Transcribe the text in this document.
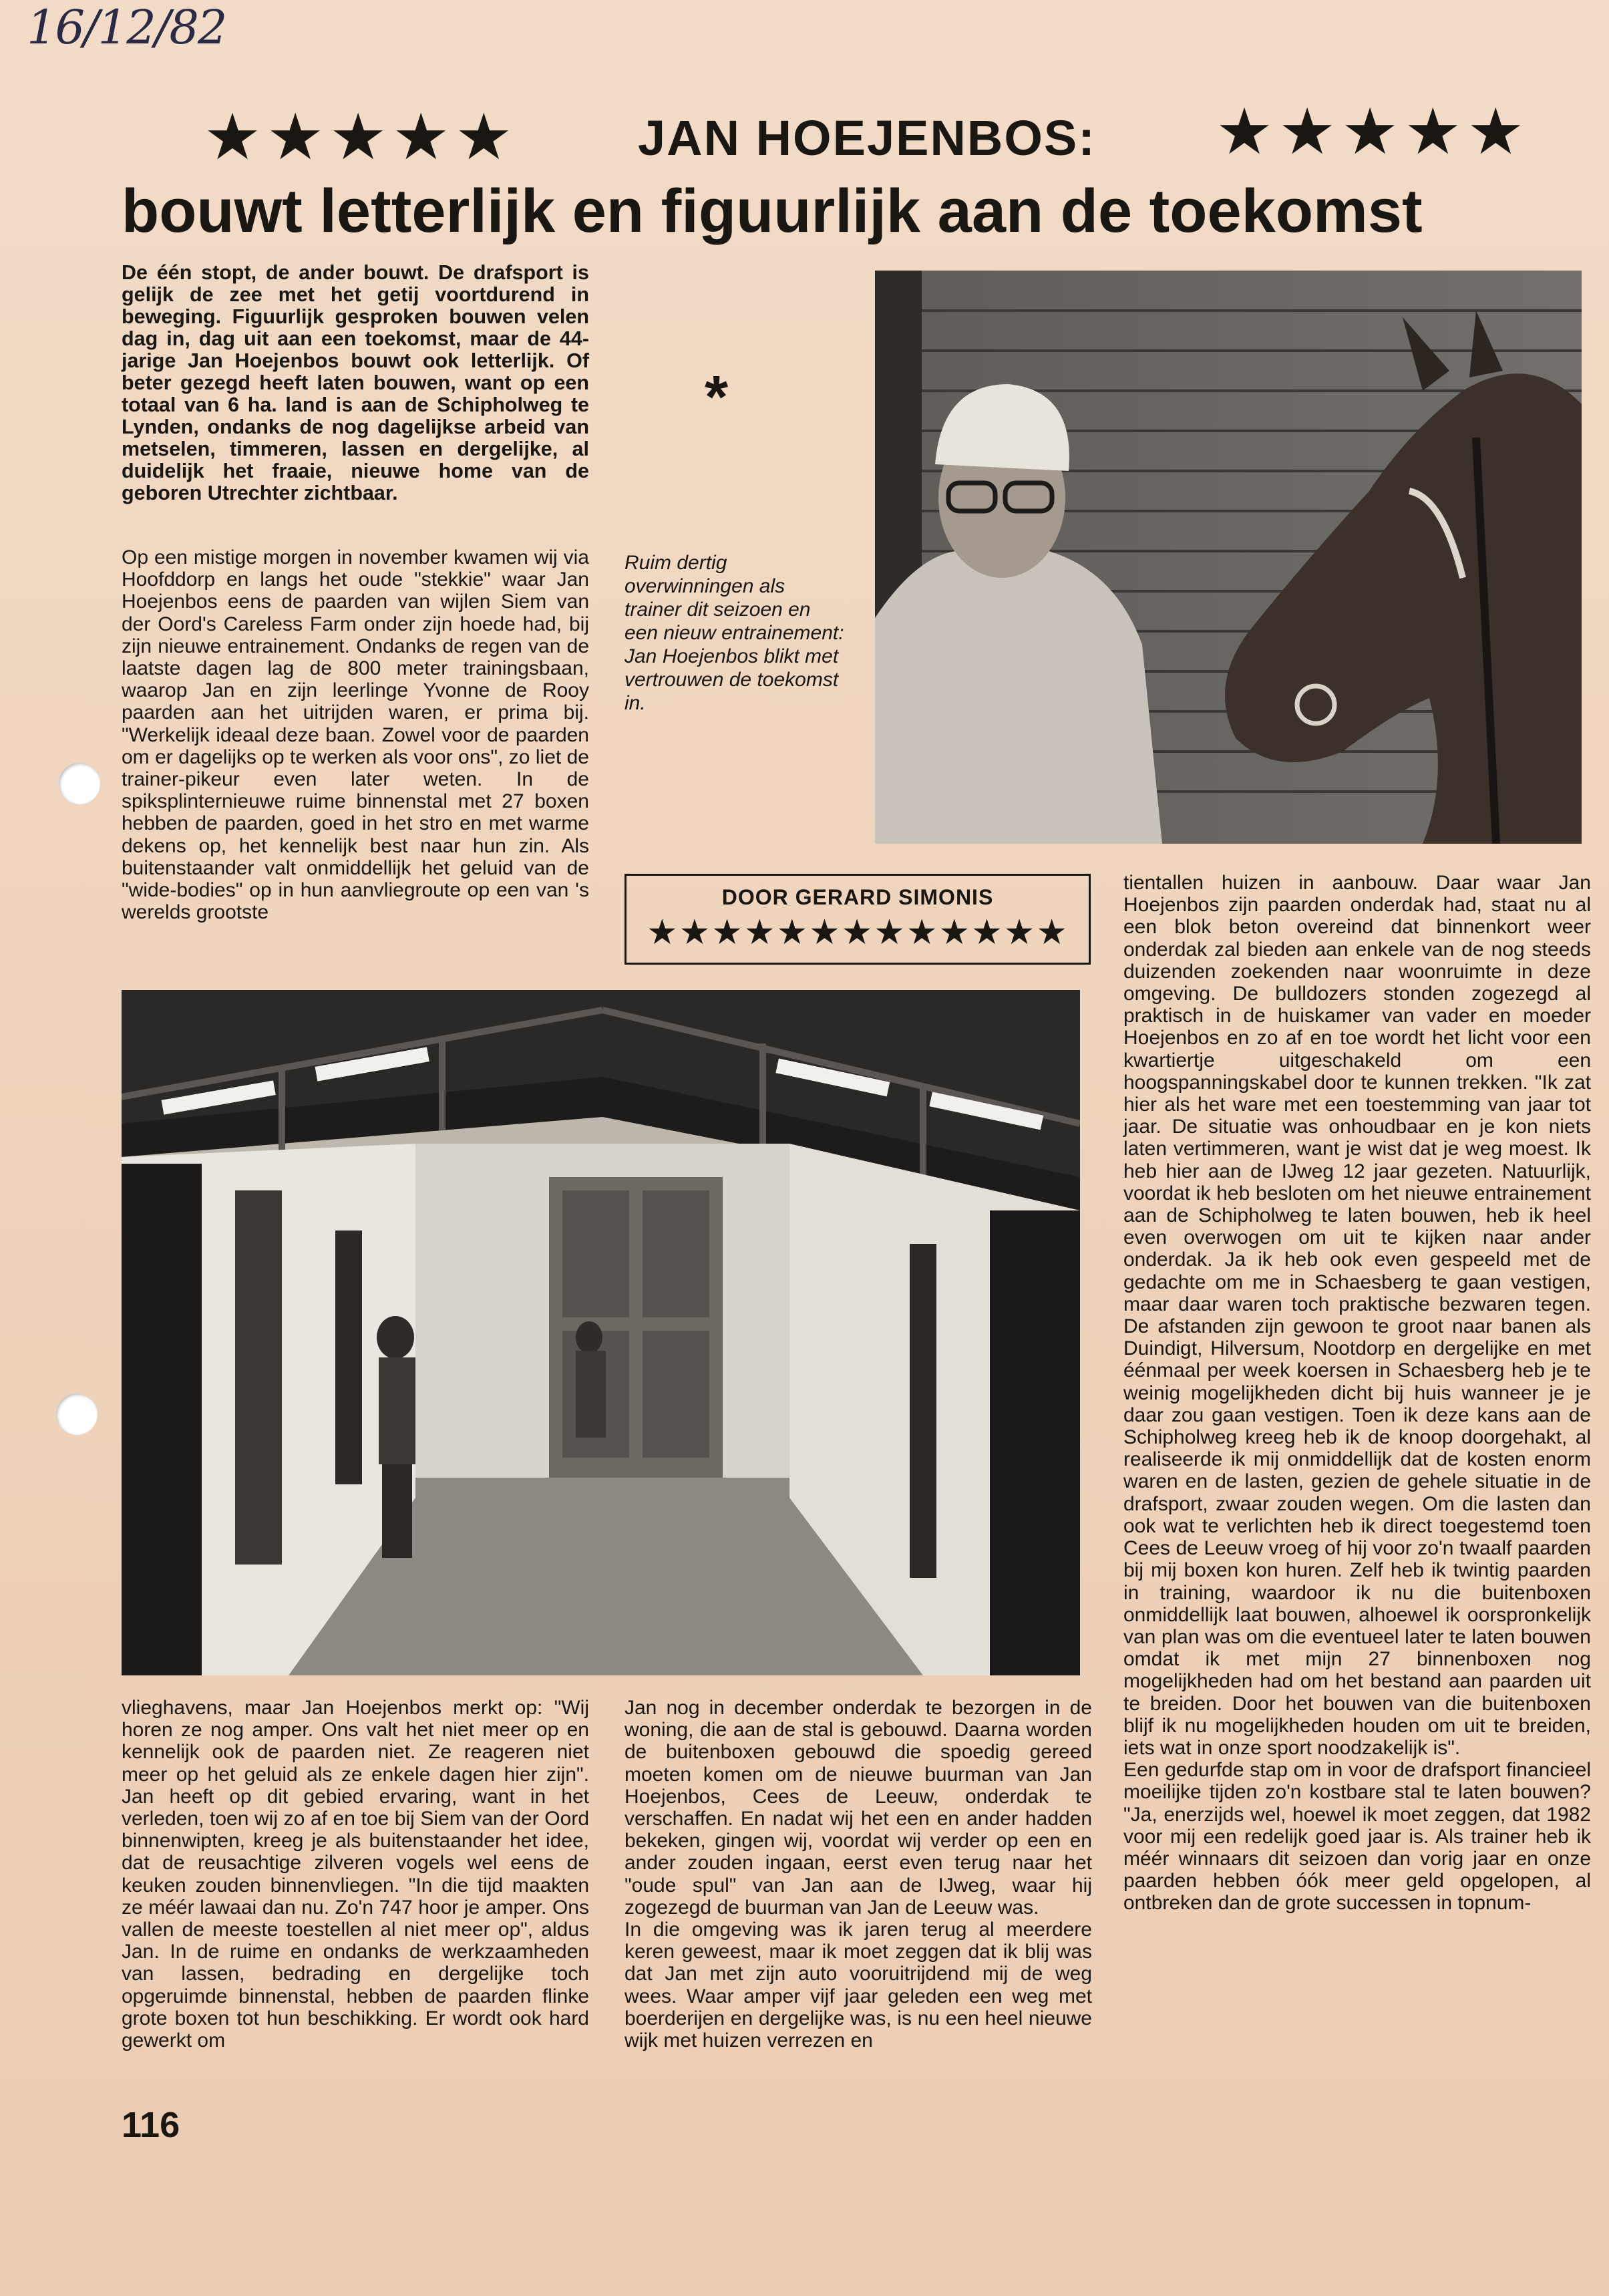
16/12/82
★★★★★ JAN HOEJENBOS: ★★★★★
bouwt letterlijk en figuurlijk aan de toekomst
De één stopt, de ander bouwt. De drafsport is gelijk de zee met het getij voortdurend in beweging. Figuurlijk gesproken bouwen velen dag in, dag uit aan een toekomst, maar de 44-jarige Jan Hoejenbos bouwt ook letterlijk. Of beter gezegd heeft laten bouwen, want op een totaal van 6 ha. land is aan de Schipholweg te Lynden, ondanks de nog dagelijkse arbeid van metselen, timmeren, lassen en dergelijke, al duidelijk het fraaie, nieuwe home van de geboren Utrechter zichtbaar.
Op een mistige morgen in november kwamen wij via Hoofddorp en langs het oude "stekkie" waar Jan Hoejenbos eens de paarden van wijlen Siem van der Oord's Careless Farm onder zijn hoede had, bij zijn nieuwe entrainement. Ondanks de regen van de laatste dagen lag de 800 meter trainingsbaan, waarop Jan en zijn leerlinge Yvonne de Rooy paarden aan het uitrijden waren, er prima bij. "Werkelijk ideaal deze baan. Zowel voor de paarden om er dagelijks op te werken als voor ons", zo liet de trainer-pikeur even later weten. In de spiksplinternieuwe ruime binnenstal met 27 boxen hebben de paarden, goed in het stro en met warme dekens op, het kennelijk best naar hun zin. Als buitenstaander valt onmiddellijk het geluid van de "wide-bodies" op in hun aanvliegroute op een van 's werelds grootste
*
Ruim dertig overwinningen als trainer dit seizoen en een nieuw entrainement: Jan Hoejenbos blikt met vertrouwen de toekomst in.
DOOR GERARD SIMONIS
★★★★★★★★★★★★★
vlieghavens, maar Jan Hoejenbos merkt op: "Wij horen ze nog amper. Ons valt het niet meer op en kennelijk ook de paarden niet. Ze reageren niet meer op het geluid als ze enkele dagen hier zijn". Jan heeft op dit gebied ervaring, want in het verleden, toen wij zo af en toe bij Siem van der Oord binnenwipten, kreeg je als buitenstaander het idee, dat de reusachtige zilveren vogels wel eens de keuken zouden binnenvliegen. "In die tijd maakten ze méér lawaai dan nu. Zo'n 747 hoor je amper. Ons vallen de meeste toestellen al niet meer op", aldus Jan. In de ruime en ondanks de werkzaamheden van lassen, bedrading en dergelijke toch opgeruimde binnenstal, hebben de paarden flinke grote boxen tot hun beschikking. Er wordt ook hard gewerkt om

Jan nog in december onderdak te bezorgen in de woning, die aan de stal is gebouwd. Daarna worden de buitenboxen gebouwd die spoedig gereed moeten komen om de nieuwe buurman van Jan Hoejenbos, Cees de Leeuw, onderdak te verschaffen. En nadat wij het een en ander hadden bekeken, gingen wij, voordat wij verder op een en ander zouden ingaan, eerst even terug naar het "oude spul" van Jan aan de IJweg, waar hij zogezegd de buurman van Jan de Leeuw was.

In die omgeving was ik jaren terug al meerdere keren geweest, maar ik moet zeggen dat ik blij was dat Jan met zijn auto vooruitrijdend mij de weg wees. Waar amper vijf jaar geleden een weg met boerderijen en dergelijke was, is nu een heel nieuwe wijk met huizen verrezen en

tientallen huizen in aanbouw. Daar waar Jan Hoejenbos zijn paarden onderdak had, staat nu al een blok beton overeind dat binnenkort weer onderdak zal bieden aan enkele van de nog steeds duizenden zoekenden naar woonruimte in deze omgeving. De bulldozers stonden zogezegd al praktisch in de huiskamer van vader en moeder Hoejenbos en zo af en toe wordt het licht voor een kwartiertje uitgeschakeld om een hoogspanningskabel door te kunnen trekken. "Ik zat hier als het ware met een toestemming van jaar tot jaar. De situatie was onhoudbaar en je kon niets laten vertimmeren, want je wist dat je weg moest. Ik heb hier aan de IJweg 12 jaar gezeten. Natuurlijk, voordat ik heb besloten om het nieuwe entrainement aan de Schipholweg te laten bouwen, heb ik heel even overwogen om uit te kijken naar ander onderdak. Ja ik heb ook even gespeeld met de gedachte om me in Schaesberg te gaan vestigen, maar daar waren toch praktische bezwaren tegen. De afstanden zijn gewoon te groot naar banen als Duindigt, Hilversum, Nootdorp en dergelijke en met éénmaal per week koersen in Schaesberg heb je te weinig mogelijkheden dicht bij huis wanneer je je daar zou gaan vestigen. Toen ik deze kans aan de Schipholweg kreeg heb ik de knoop doorgehakt, al realiseerde ik mij onmiddellijk dat de kosten enorm waren en de lasten, gezien de gehele situatie in de drafsport, zwaar zouden wegen. Om die lasten dan ook wat te verlichten heb ik direct toegestemd toen Cees de Leeuw vroeg of hij voor zo'n twaalf paarden bij mij boxen kon huren. Zelf heb ik twintig paarden in training, waardoor ik nu die buitenboxen onmiddellijk laat bouwen, alhoewel ik oorspronkelijk van plan was om die eventueel later te laten bouwen omdat ik met mijn 27 binnenboxen nog mogelijkheden had om het bestand aan paarden uit te breiden. Door het bouwen van die buitenboxen blijf ik nu mogelijkheden houden om uit te breiden, iets wat in onze sport noodzakelijk is".

Een gedurfde stap om in voor de drafsport financieel moeilijke tijden zo'n kostbare stal te laten bouwen? "Ja, enerzijds wel, hoewel ik moet zeggen, dat 1982 voor mij een redelijk goed jaar is. Als trainer heb ik méér winnaars dit seizoen dan vorig jaar en onze paarden hebben óók meer geld opgelopen, al ontbreken dan de grote successen in topnum-

116
